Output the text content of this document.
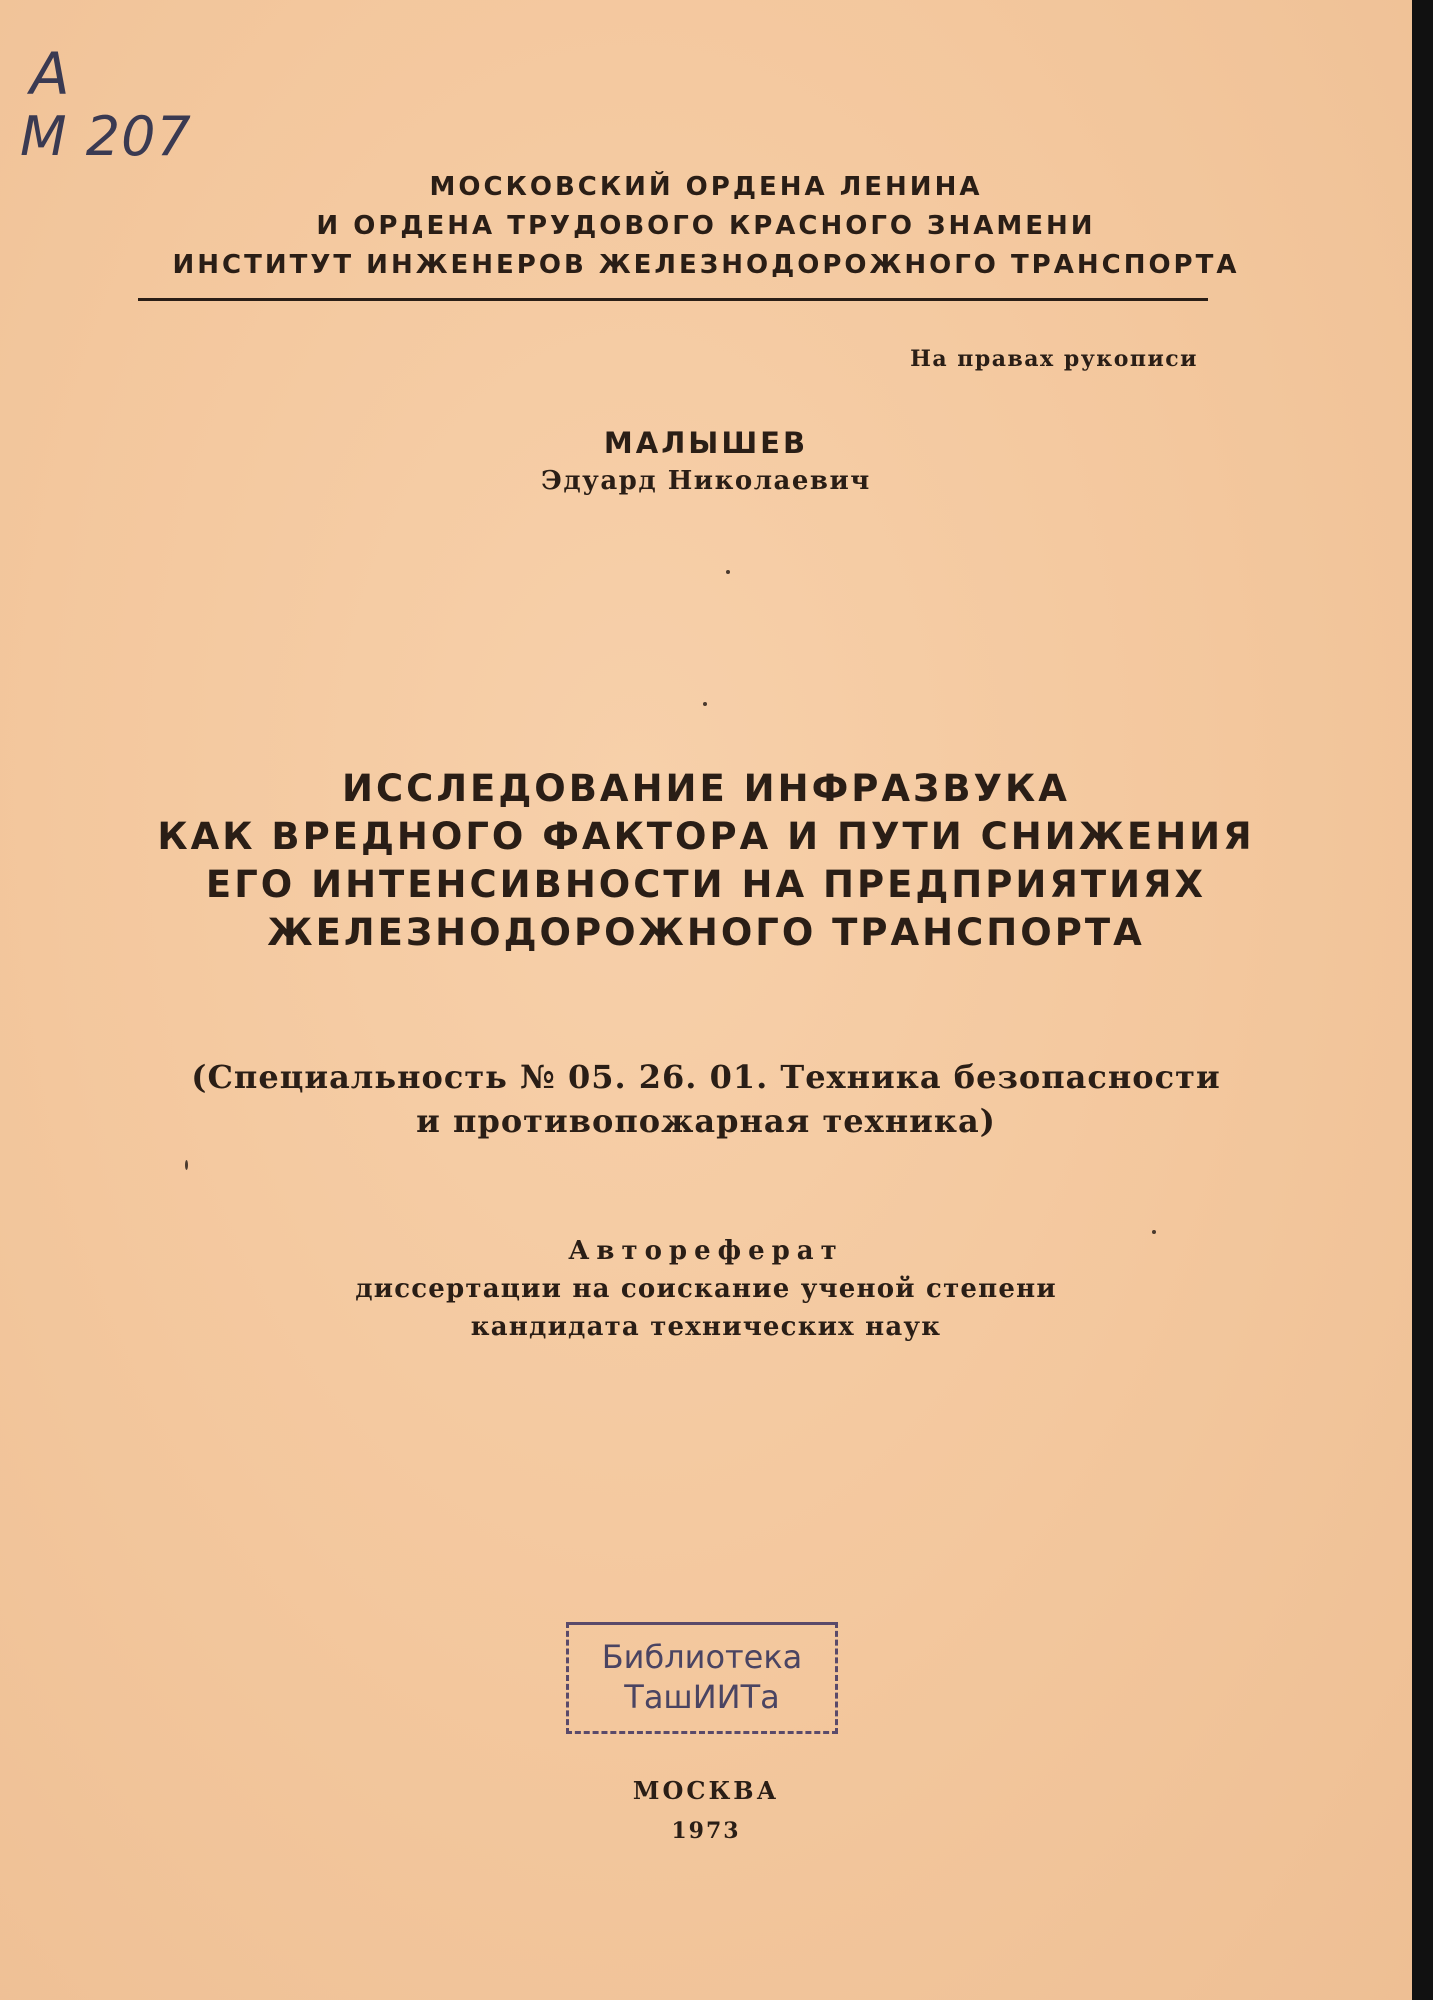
А
М 207
МОСКОВСКИЙ ОРДЕНА ЛЕНИНА
И ОРДЕНА ТРУДОВОГО КРАСНОГО ЗНАМЕНИ
ИНСТИТУТ ИНЖЕНЕРОВ ЖЕЛЕЗНОДОРОЖНОГО ТРАНСПОРТА
На правах рукописи
МАЛЫШЕВ
Эдуард Николаевич
ИССЛЕДОВАНИЕ ИНФРАЗВУКА
КАК ВРЕДНОГО ФАКТОРА И ПУТИ СНИЖЕНИЯ
ЕГО ИНТЕНСИВНОСТИ НА ПРЕДПРИЯТИЯХ
ЖЕЛЕЗНОДОРОЖНОГО ТРАНСПОРТА
(Специальность № 05. 26. 01. Техника безопасности
и противопожарная техника)
Автореферат
диссертации на соискание ученой степени
кандидата технических наук
Библиотека
ТашИИТа
МОСКВА
1973
